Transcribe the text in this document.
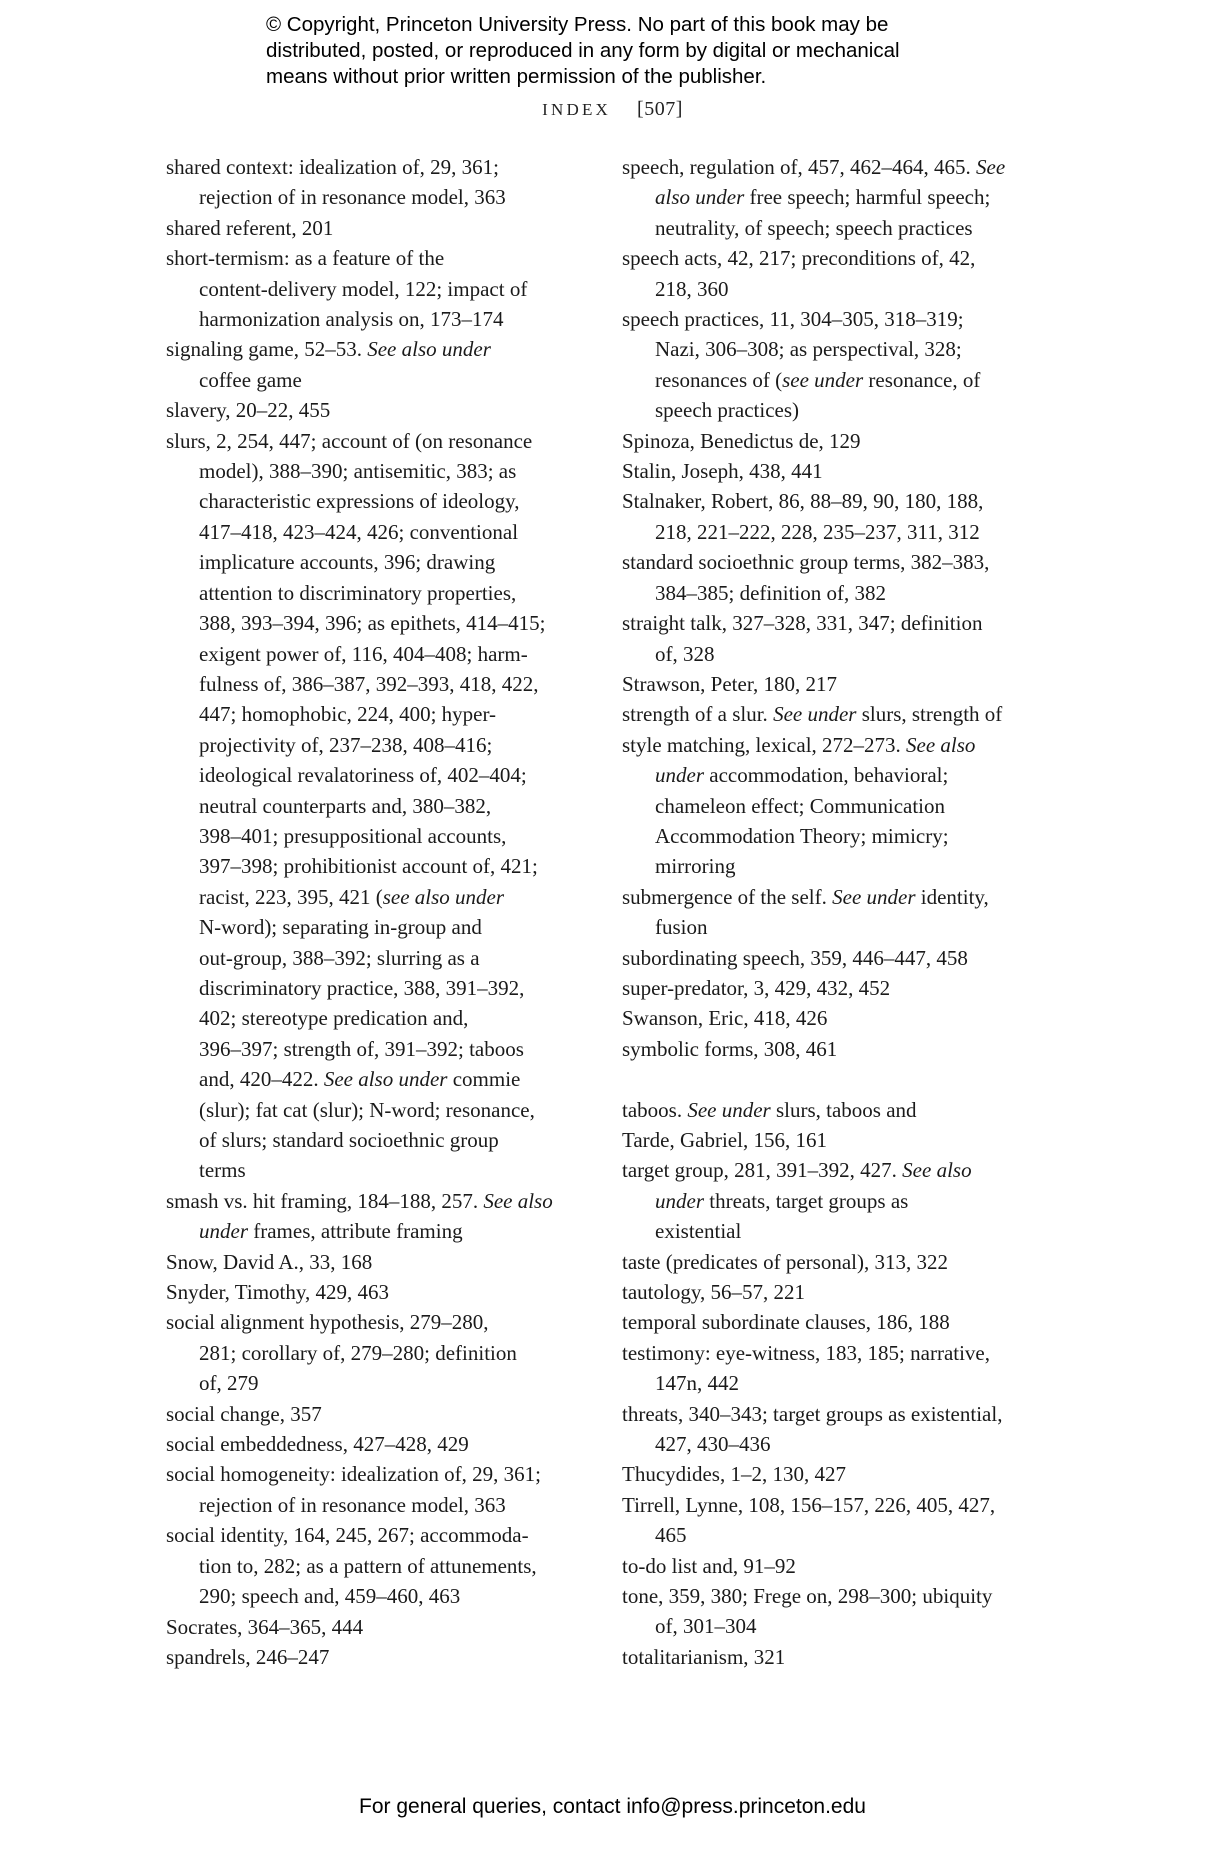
© Copyright, Princeton University Press. No part of this book may be
distributed, posted, or reproduced in any form by digital or mechanical
means without prior written permission of the publisher.
INDEX [507]
shared context: idealization of, 29, 361;
rejection of in resonance model, 363
shared referent, 201
short-termism: as a feature of the
content-delivery model, 122; impact of
harmonization analysis on, 173–174
signaling game, 52–53. See also under
coffee game
slavery, 20–22, 455
slurs, 2, 254, 447; account of (on resonance
model), 388–390; antisemitic, 383; as
characteristic expressions of ideology,
417–418, 423–424, 426; conventional
implicature accounts, 396; drawing
attention to discriminatory properties,
388, 393–394, 396; as epithets, 414–415;
exigent power of, 116, 404–408; harm-
fulness of, 386–387, 392–393, 418, 422,
447; homophobic, 224, 400; hyper-
projectivity of, 237–238, 408–416;
ideological revalatoriness of, 402–404;
neutral counterparts and, 380–382,
398–401; presuppositional accounts,
397–398; prohibitionist account of, 421;
racist, 223, 395, 421 (see also under
N-word); separating in-group and
out-group, 388–392; slurring as a
discriminatory practice, 388, 391–392,
402; stereotype predication and,
396–397; strength of, 391–392; taboos
and, 420–422. See also under commie
(slur); fat cat (slur); N-word; resonance,
of slurs; standard socioethnic group
terms
smash vs. hit framing, 184–188, 257. See also
under frames, attribute framing
Snow, David A., 33, 168
Snyder, Timothy, 429, 463
social alignment hypothesis, 279–280,
281; corollary of, 279–280; definition
of, 279
social change, 357
social embeddedness, 427–428, 429
social homogeneity: idealization of, 29, 361;
rejection of in resonance model, 363
social identity, 164, 245, 267; accommoda-
tion to, 282; as a pattern of attunements,
290; speech and, 459–460, 463
Socrates, 364–365, 444
spandrels, 246–247
speech, regulation of, 457, 462–464, 465. See
also under free speech; harmful speech;
neutrality, of speech; speech practices
speech acts, 42, 217; preconditions of, 42,
218, 360
speech practices, 11, 304–305, 318–319;
Nazi, 306–308; as perspectival, 328;
resonances of (see under resonance, of
speech practices)
Spinoza, Benedictus de, 129
Stalin, Joseph, 438, 441
Stalnaker, Robert, 86, 88–89, 90, 180, 188,
218, 221–222, 228, 235–237, 311, 312
standard socioethnic group terms, 382–383,
384–385; definition of, 382
straight talk, 327–328, 331, 347; definition
of, 328
Strawson, Peter, 180, 217
strength of a slur. See under slurs, strength of
style matching, lexical, 272–273. See also
under accommodation, behavioral;
chameleon effect; Communication
Accommodation Theory; mimicry;
mirroring
submergence of the self. See under identity,
fusion
subordinating speech, 359, 446–447, 458
super-predator, 3, 429, 432, 452
Swanson, Eric, 418, 426
symbolic forms, 308, 461
taboos. See under slurs, taboos and
Tarde, Gabriel, 156, 161
target group, 281, 391–392, 427. See also
under threats, target groups as
existential
taste (predicates of personal), 313, 322
tautology, 56–57, 221
temporal subordinate clauses, 186, 188
testimony: eye-witness, 183, 185; narrative,
147n, 442
threats, 340–343; target groups as existential,
427, 430–436
Thucydides, 1–2, 130, 427
Tirrell, Lynne, 108, 156–157, 226, 405, 427,
465
to-do list and, 91–92
tone, 359, 380; Frege on, 298–300; ubiquity
of, 301–304
totalitarianism, 321
For general queries, contact info@press.princeton.edu
